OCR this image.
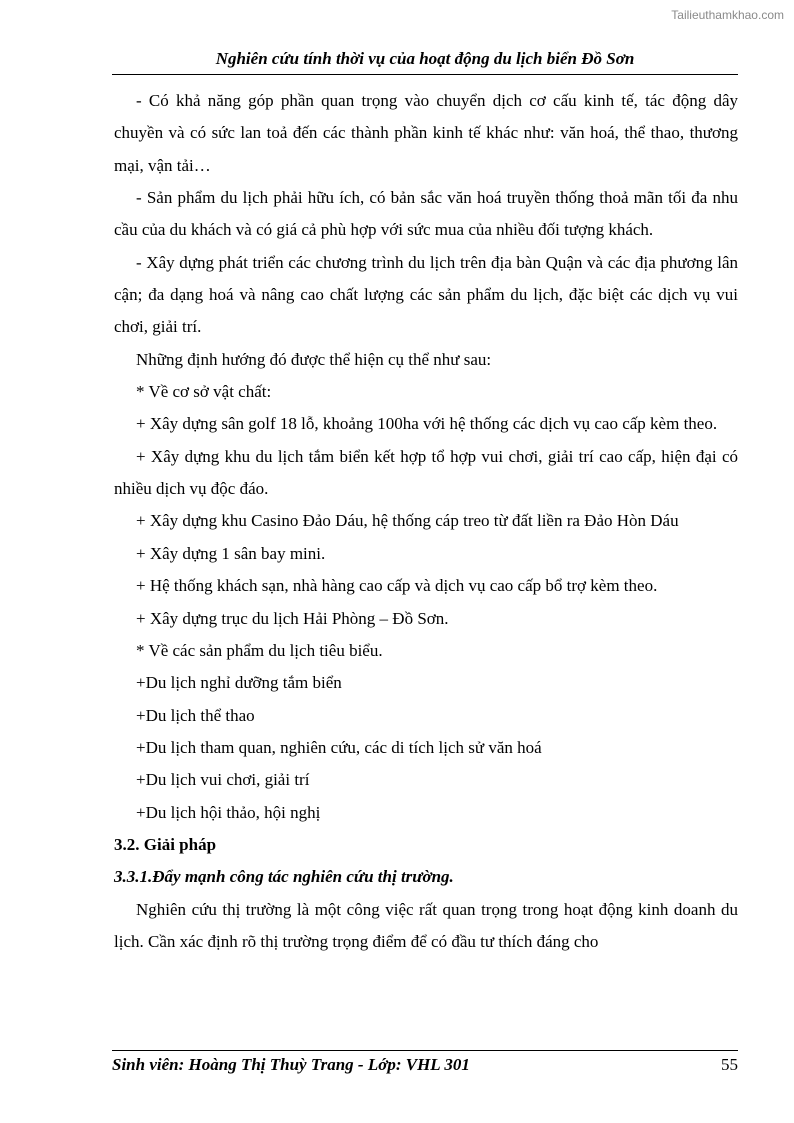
Tailieuthamkhao.com
Nghiên cứu tính thời vụ của hoạt động du lịch biển Đồ Sơn

- Có khả năng góp phần quan trọng vào chuyển dịch cơ cấu kinh tế, tác động dây chuyền và có sức lan toả đến các thành phần kinh tế khác như: văn hoá, thể thao, thương mại, vận tải…

- Sản phẩm du lịch phải hữu ích, có bản sắc văn hoá truyền thống thoả mãn tối đa nhu cầu của du khách và có giá cả phù hợp với sức mua của nhiều đối tượng khách.

- Xây dựng phát triển các chương trình du lịch trên địa bàn Quận và các địa phương lân cận; đa dạng hoá và nâng cao chất lượng các sản phẩm du lịch, đặc biệt các dịch vụ vui chơi, giải trí.

Những định hướng đó được thể hiện cụ thể như sau:

* Về cơ sở vật chất:

+ Xây dựng sân golf 18 lỗ, khoảng 100ha với hệ thống các dịch vụ cao cấp kèm theo.

+ Xây dựng khu du lịch tắm biển kết hợp tổ hợp vui chơi, giải trí cao cấp, hiện đại có nhiều dịch vụ độc đáo.

+ Xây dựng khu Casino Đảo Dáu, hệ thống cáp treo từ đất liền ra Đảo Hòn Dáu

+ Xây dựng 1 sân bay mini.

+ Hệ thống khách sạn, nhà hàng cao cấp và dịch vụ cao cấp bổ trợ kèm theo.

+ Xây dựng trục du lịch Hải Phòng – Đồ Sơn.

* Về các sản phẩm du lịch tiêu biểu.

+Du lịch nghỉ dưỡng tắm biển

+Du lịch thể thao

+Du lịch tham quan, nghiên cứu, các di tích lịch sử văn hoá

+Du lịch vui chơi, giải trí

+Du lịch hội thảo, hội nghị

3.2. Giải pháp

3.3.1.Đẩy mạnh công tác nghiên cứu thị trường.

Nghiên cứu thị trường là một công việc rất quan trọng trong hoạt động kinh doanh du lịch. Cần xác định rõ thị trường trọng điểm để có đầu tư thích đáng cho

Sinh viên: Hoàng Thị Thuỳ Trang - Lớp: VHL 301	55
